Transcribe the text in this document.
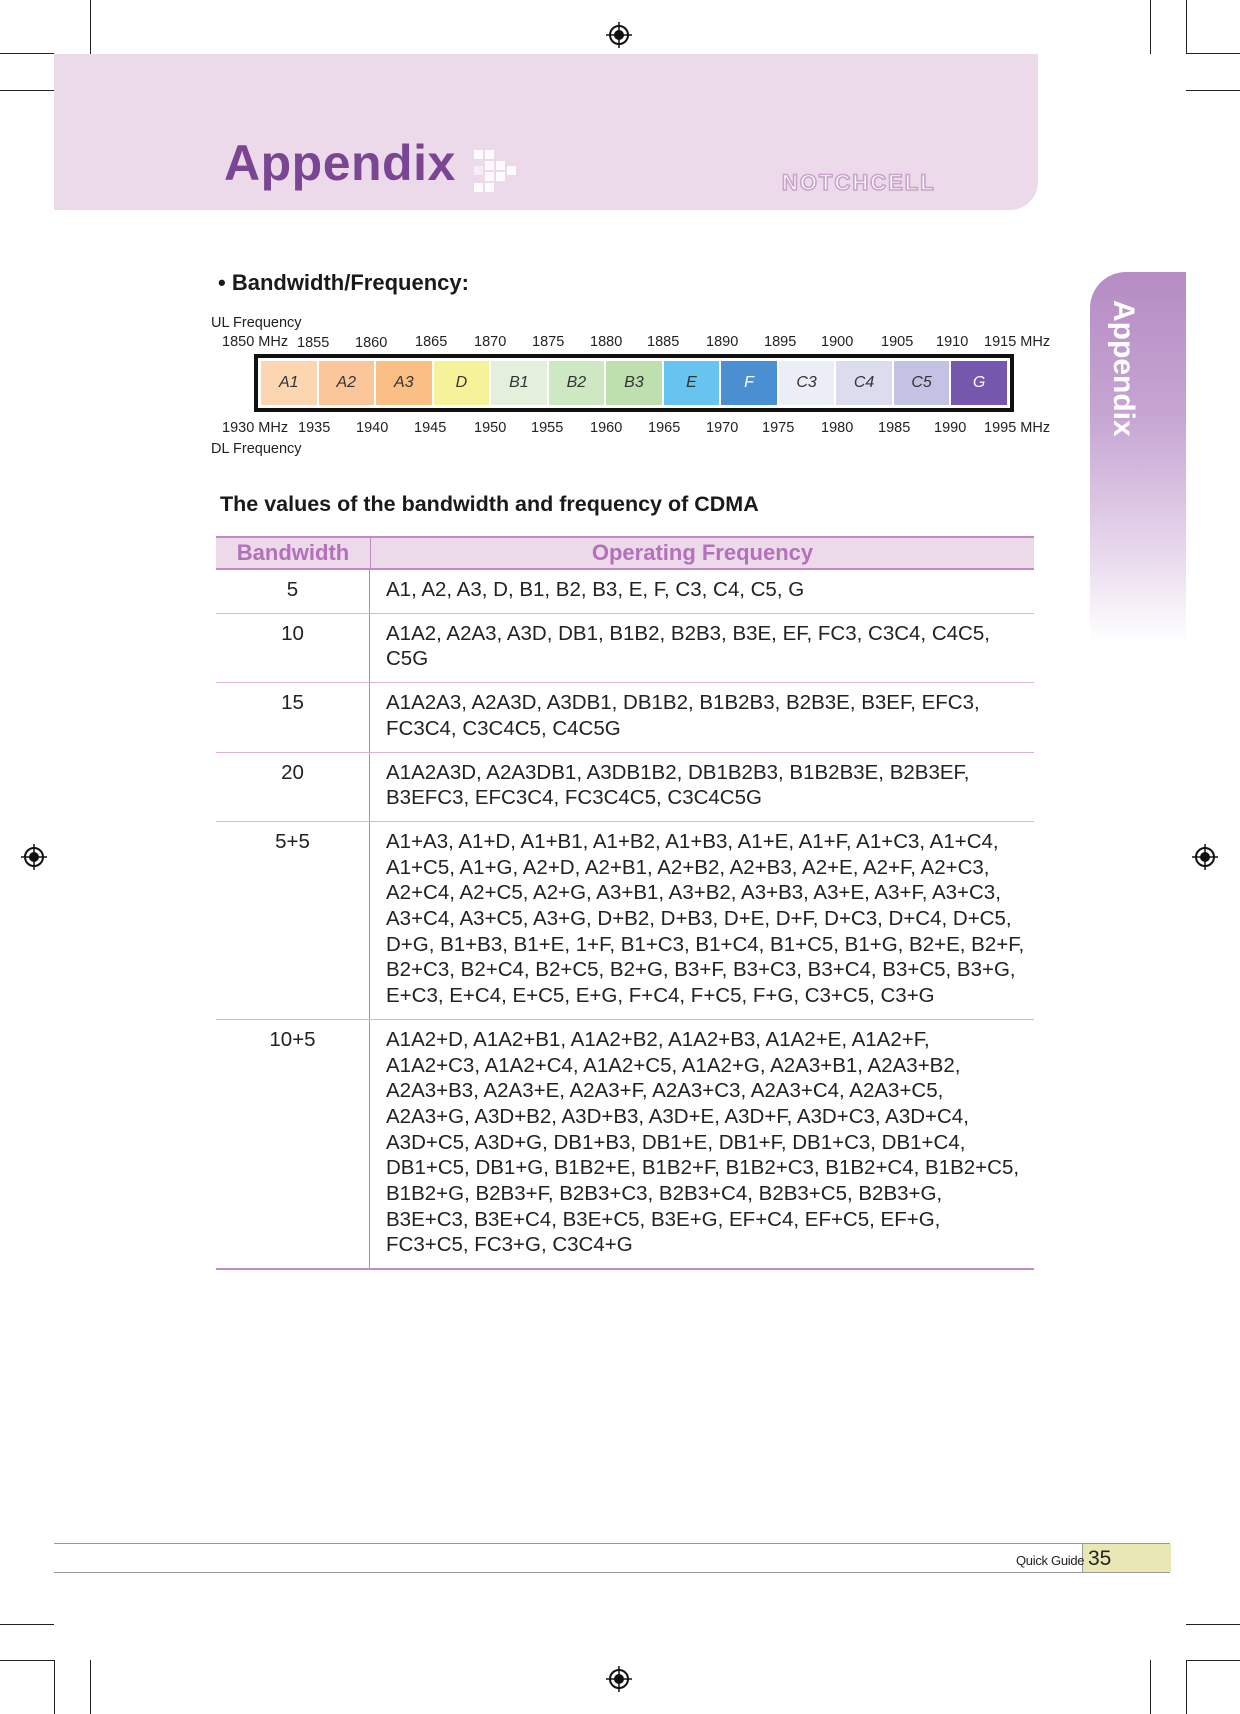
Appendix	NOTCHCELL
Appendix
• Bandwidth/Frequency:
UL Frequency
DL Frequency
1850 MHz 1855 1860 1865 1870 1875 1880 1885 1890 1895 1900 1905 1910 1915 MHz
A1	A2	A3	D	B1	B2	B3	E	F	C3	C4	C5	G
1930 MHz 1935 1940 1945 1950 1955 1960 1965 1970 1975 1980 1985 1990 1995 MHz
The values of the bandwidth and frequency of CDMA
Bandwidth	Operating Frequency
5	A1, A2, A3, D, B1, B2, B3, E, F, C3, C4, C5, G
10	A1A2, A2A3, A3D, DB1, B1B2, B2B3, B3E, EF, FC3, C3C4, C4C5, C5G
15	A1A2A3, A2A3D, A3DB1, DB1B2, B1B2B3, B2B3E, B3EF, EFC3, FC3C4, C3C4C5, C4C5G
20	A1A2A3D, A2A3DB1, A3DB1B2, DB1B2B3, B1B2B3E, B2B3EF, B3EFC3, EFC3C4, FC3C4C5, C3C4C5G
5+5	A1+A3, A1+D, A1+B1, A1+B2, A1+B3, A1+E, A1+F, A1+C3, A1+C4, A1+C5, A1+G, A2+D, A2+B1, A2+B2, A2+B3, A2+E, A2+F, A2+C3, A2+C4, A2+C5, A2+G, A3+B1, A3+B2, A3+B3, A3+E, A3+F, A3+C3, A3+C4, A3+C5, A3+G, D+B2, D+B3, D+E, D+F, D+C3, D+C4, D+C5, D+G, B1+B3, B1+E, 1+F, B1+C3, B1+C4, B1+C5, B1+G, B2+E, B2+F, B2+C3, B2+C4, B2+C5, B2+G, B3+F, B3+C3, B3+C4, B3+C5, B3+G, E+C3, E+C4, E+C5, E+G, F+C4, F+C5, F+G, C3+C5, C3+G
10+5	A1A2+D, A1A2+B1, A1A2+B2, A1A2+B3, A1A2+E, A1A2+F, A1A2+C3, A1A2+C4, A1A2+C5, A1A2+G, A2A3+B1, A2A3+B2, A2A3+B3, A2A3+E, A2A3+F, A2A3+C3, A2A3+C4, A2A3+C5, A2A3+G, A3D+B2, A3D+B3, A3D+E, A3D+F, A3D+C3, A3D+C4, A3D+C5, A3D+G, DB1+B3, DB1+E, DB1+F, DB1+C3, DB1+C4, DB1+C5, DB1+G, B1B2+E, B1B2+F, B1B2+C3, B1B2+C4, B1B2+C5, B1B2+G, B2B3+F, B2B3+C3, B2B3+C4, B2B3+C5, B2B3+G, B3E+C3, B3E+C4, B3E+C5, B3E+G, EF+C4, EF+C5, EF+G, FC3+C5, FC3+G, C3C4+G
Quick Guide 35
